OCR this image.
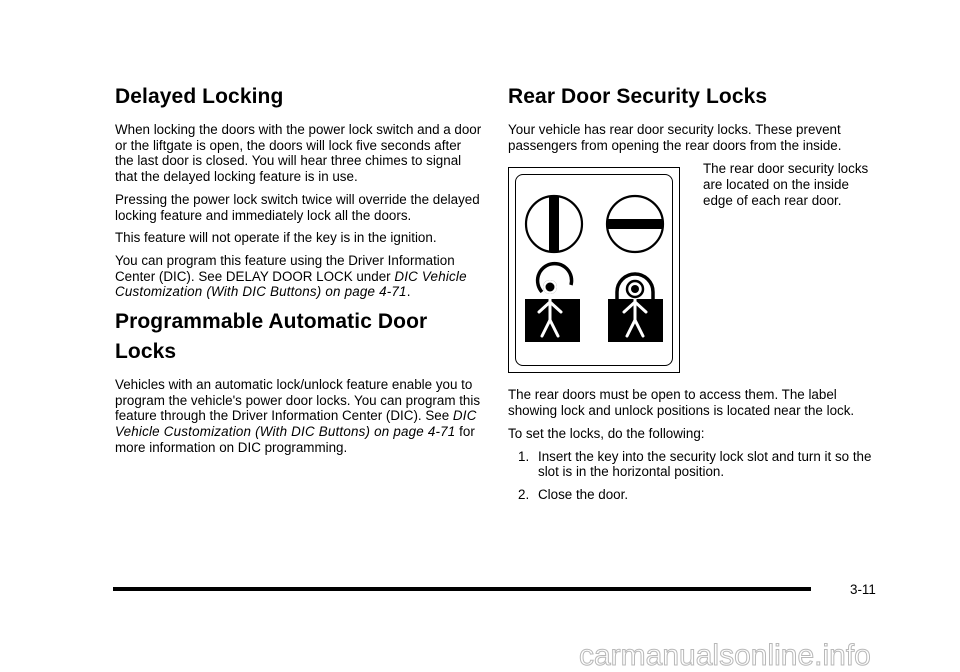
Delayed Locking

When locking the doors with the power lock switch and a door or the liftgate is open, the doors will lock five seconds after the last door is closed. You will hear three chimes to signal that the delayed locking feature is in use.

Pressing the power lock switch twice will override the delayed locking feature and immediately lock all the doors.

This feature will not operate if the key is in the ignition.

You can program this feature using the Driver Information Center (DIC). See DELAY DOOR LOCK under DIC Vehicle Customization (With DIC Buttons) on page 4-71.

Programmable Automatic Door Locks

Vehicles with an automatic lock/unlock feature enable you to program the vehicle's power door locks. You can program this feature through the Driver Information Center (DIC). See DIC Vehicle Customization (With DIC Buttons) on page 4-71 for more information on DIC programming.

Rear Door Security Locks

Your vehicle has rear door security locks. These prevent passengers from opening the rear doors from the inside.

The rear door security locks are located on the inside edge of each rear door.

The rear doors must be open to access them. The label showing lock and unlock positions is located near the lock.

To set the locks, do the following:

1. Insert the key into the security lock slot and turn it so the slot is in the horizontal position.
2. Close the door.
3-11
carmanualsonline.info
